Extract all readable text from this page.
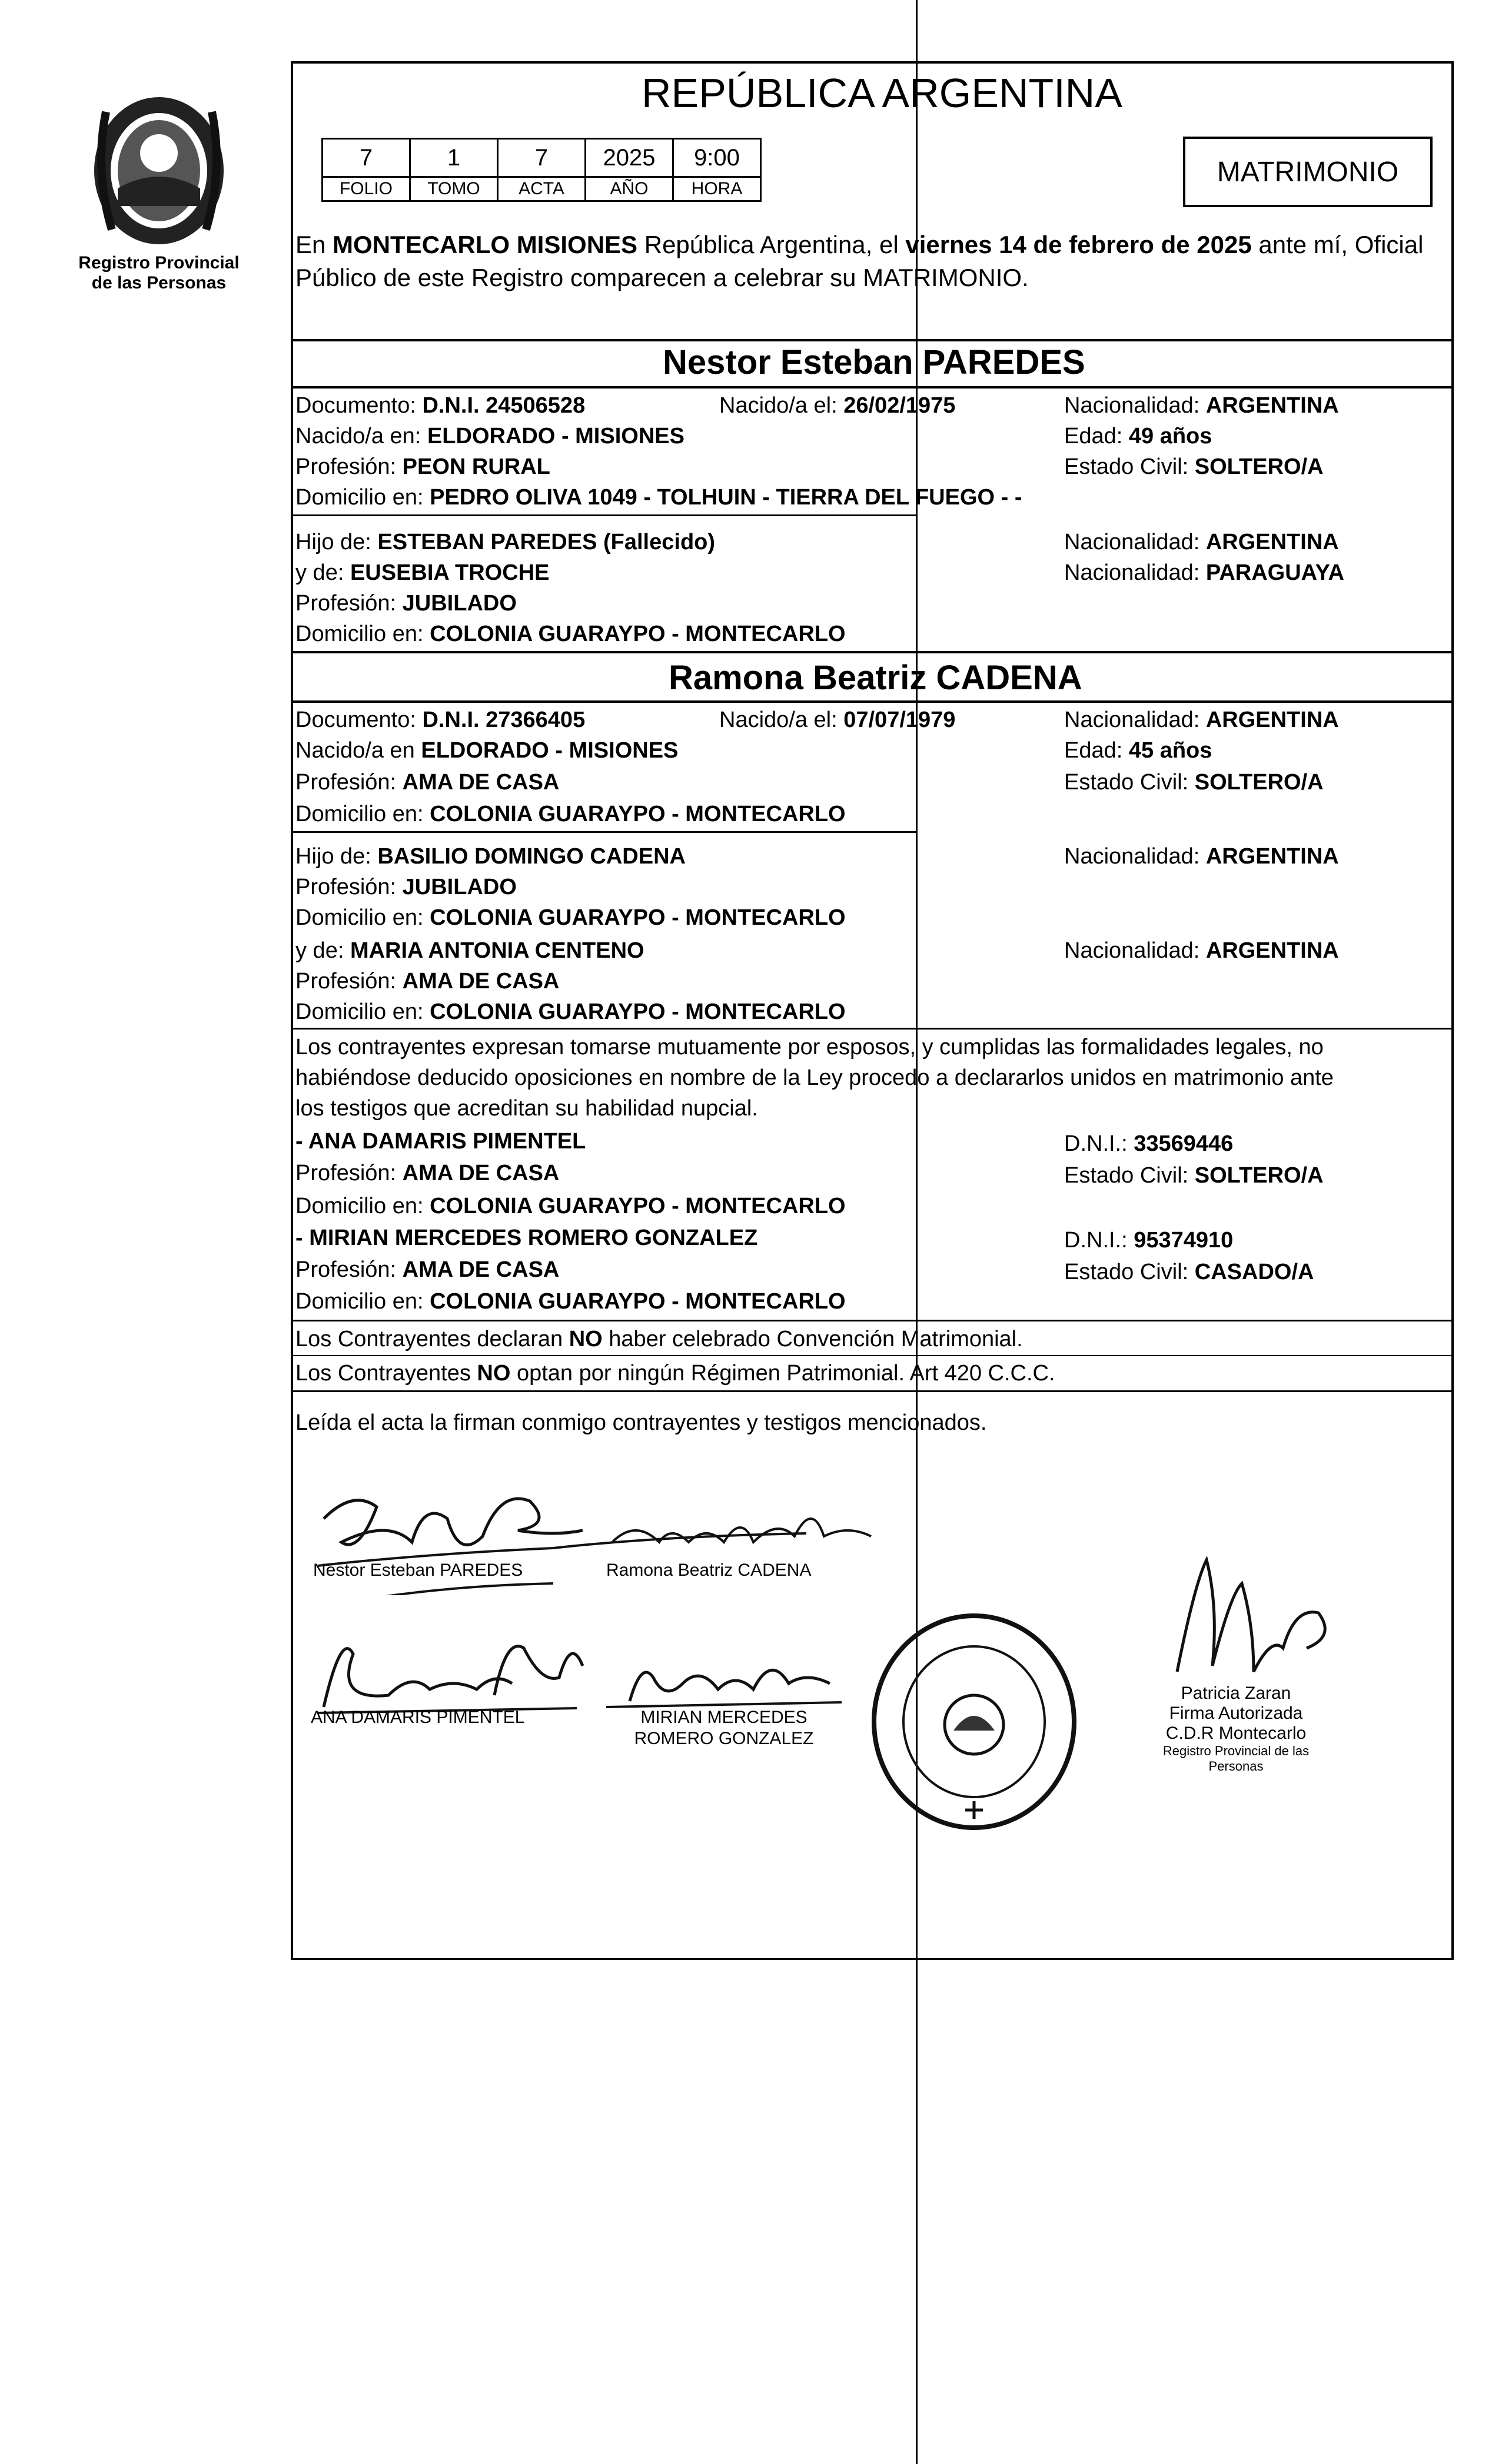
Registro Provincial
de las Personas
REPÚBLICA ARGENTINA
7	1	7	2025	9:00
FOLIO	TOMO	ACTA	AÑO	HORA
MATRIMONIO
En MONTECARLO MISIONES República Argentina, el viernes 14 de febrero de 2025 ante mí, Oficial Público de este Registro comparecen a celebrar su MATRIMONIO.
Nestor Esteban PAREDES
Documento: D.N.I. 24506528	Nacido/a el: 26/02/1975	Nacionalidad: ARGENTINA
Nacido/a en: ELDORADO - MISIONES	Edad: 49 años
Profesión: PEON RURAL	Estado Civil: SOLTERO/A
Domicilio en: PEDRO OLIVA 1049 - TOLHUIN - TIERRA DEL FUEGO - -
Hijo de: ESTEBAN PAREDES (Fallecido)	Nacionalidad: ARGENTINA
y de: EUSEBIA TROCHE	Nacionalidad: PARAGUAYA
Profesión: JUBILADO
Domicilio en: COLONIA GUARAYPO - MONTECARLO
Ramona Beatriz CADENA
Documento: D.N.I. 27366405	Nacido/a el: 07/07/1979	Nacionalidad: ARGENTINA
Nacido/a en ELDORADO - MISIONES	Edad: 45 años
Profesión: AMA DE CASA	Estado Civil: SOLTERO/A
Domicilio en: COLONIA GUARAYPO - MONTECARLO
Hijo de: BASILIO DOMINGO CADENA	Nacionalidad: ARGENTINA
Profesión: JUBILADO
Domicilio en: COLONIA GUARAYPO - MONTECARLO
y de: MARIA ANTONIA CENTENO	Nacionalidad: ARGENTINA
Profesión: AMA DE CASA
Domicilio en: COLONIA GUARAYPO - MONTECARLO
Los contrayentes expresan tomarse mutuamente por esposos, y cumplidas las formalidades legales, no
habiéndose deducido oposiciones en nombre de la Ley procedo a declararlos unidos en matrimonio ante
los testigos que acreditan su habilidad nupcial.
- ANA DAMARIS PIMENTEL	D.N.I.: 33569446
Profesión: AMA DE CASA	Estado Civil: SOLTERO/A
Domicilio en: COLONIA GUARAYPO - MONTECARLO
- MIRIAN MERCEDES ROMERO GONZALEZ	D.N.I.: 95374910
Profesión: AMA DE CASA	Estado Civil: CASADO/A
Domicilio en: COLONIA GUARAYPO - MONTECARLO
Los Contrayentes declaran NO haber celebrado Convención Matrimonial.
Los Contrayentes NO optan por ningún Régimen Patrimonial. Art 420 C.C.C.
Leída el acta la firman conmigo contrayentes y testigos mencionados.
Nestor Esteban PAREDES	Ramona Beatriz CADENA
ANA DAMARIS PIMENTEL	MIRIAN MERCEDES
ROMERO GONZALEZ
Patricia Zaran
Firma Autorizada
C.D.R Montecarlo
Registro Provincial de las Personas
